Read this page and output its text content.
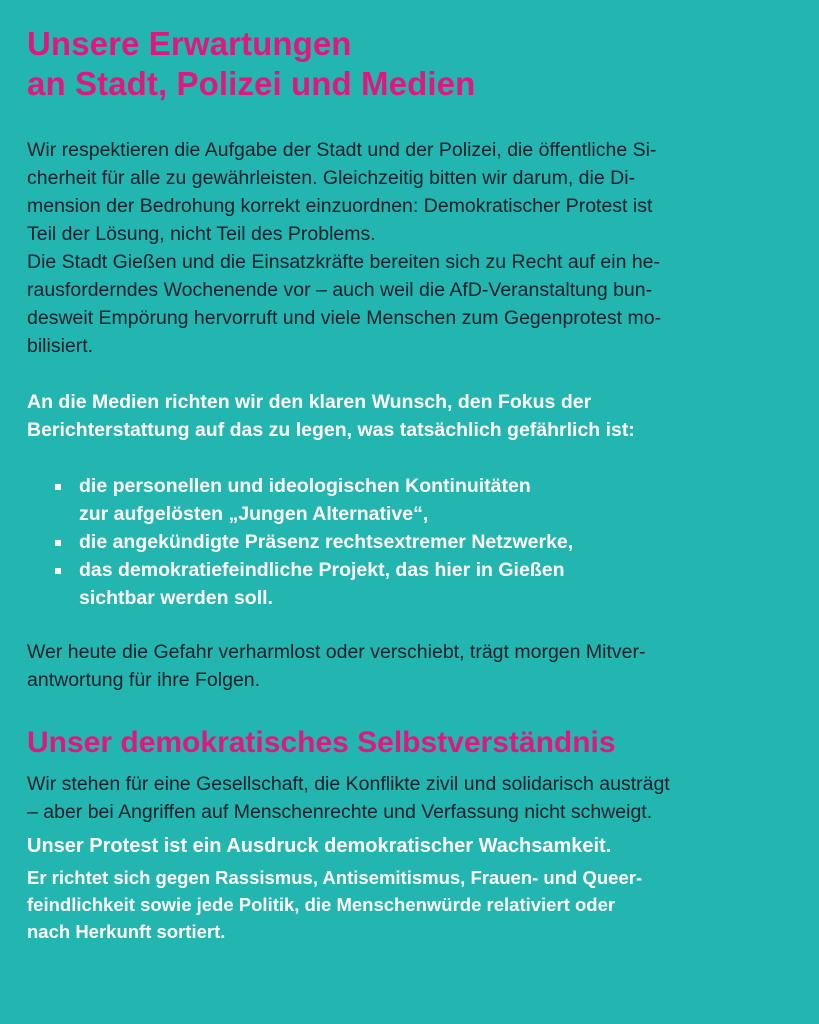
Unsere Erwartungen
an Stadt, Polizei und Medien

Wir respektieren die Aufgabe der Stadt und der Polizei, die öffentliche Si-
cherheit für alle zu gewährleisten. Gleichzeitig bitten wir darum, die Di-
mension der Bedrohung korrekt einzuordnen: Demokratischer Protest ist
Teil der Lösung, nicht Teil des Problems.
Die Stadt Gießen und die Einsatzkräfte bereiten sich zu Recht auf ein he-
rausforderndes Wochenende vor – auch weil die AfD-Veranstaltung bun-
desweit Empörung hervorruft und viele Menschen zum Gegenprotest mo-
bilisiert.

An die Medien richten wir den klaren Wunsch, den Fokus der
Berichterstattung auf das zu legen, was tatsächlich gefährlich ist:

die personellen und ideologischen Kontinuitäten
zur aufgelösten „Jungen Alternative“,
die angekündigte Präsenz rechtsextremer Netzwerke,
das demokratiefeindliche Projekt, das hier in Gießen
sichtbar werden soll.

Wer heute die Gefahr verharmlost oder verschiebt, trägt morgen Mitver-
antwortung für ihre Folgen.

Unser demokratisches Selbstverständnis

Wir stehen für eine Gesellschaft, die Konflikte zivil und solidarisch austrägt
– aber bei Angriffen auf Menschenrechte und Verfassung nicht schweigt.

Unser Protest ist ein Ausdruck demokratischer Wachsamkeit.

Er richtet sich gegen Rassismus, Antisemitismus, Frauen- und Queer-
feindlichkeit sowie jede Politik, die Menschenwürde relativiert oder
nach Herkunft sortiert.
